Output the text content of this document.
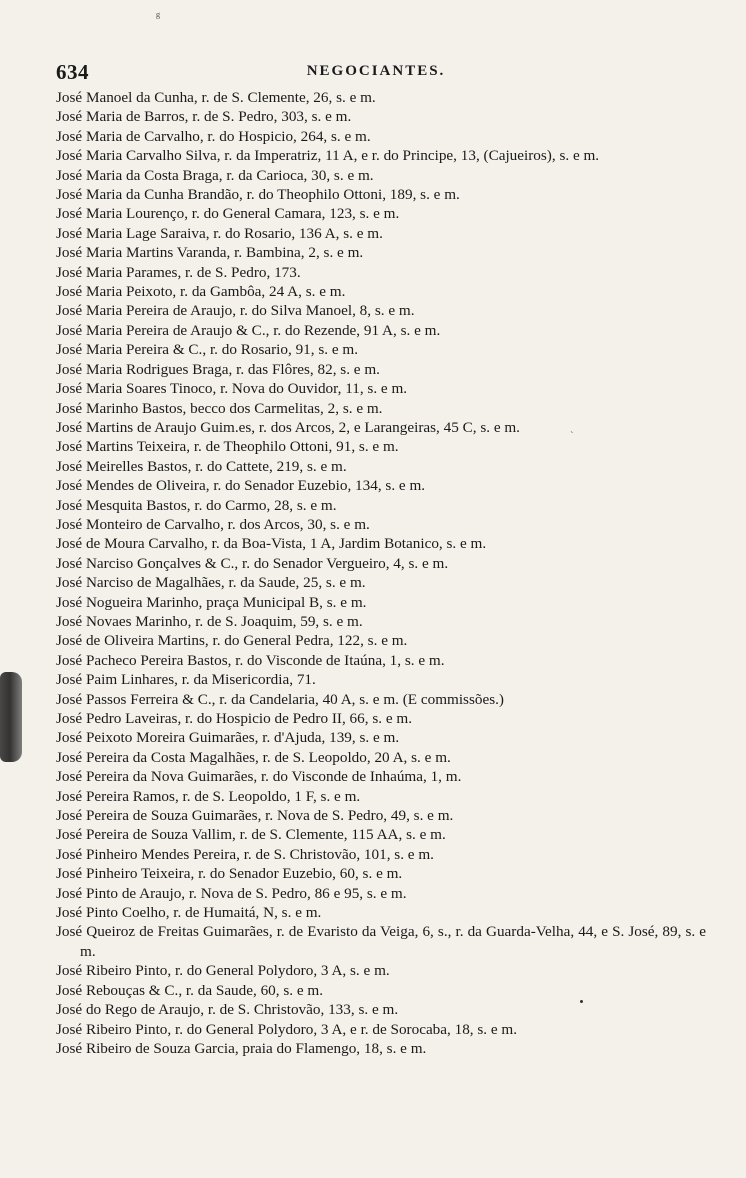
ᵍ
ˋ
634	NEGOCIANTES.
José Manoel da Cunha, r. de S. Clemente, 26, s. e m.
José Maria de Barros, r. de S. Pedro, 303, s. e m.
José Maria de Carvalho, r. do Hospicio, 264, s. e m.
José Maria Carvalho Silva, r. da Imperatriz, 11 A, e r. do Principe, 13, (Cajueiros), s. e m.
José Maria da Costa Braga, r. da Carioca, 30, s. e m.
José Maria da Cunha Brandão, r. do Theophilo Ottoni, 189, s. e m.
José Maria Lourenço, r. do General Camara, 123, s. e m.
José Maria Lage Saraiva, r. do Rosario, 136 A, s. e m.
José Maria Martins Varanda, r. Bambina, 2, s. e m.
José Maria Parames, r. de S. Pedro, 173.
José Maria Peixoto, r. da Gambôa, 24 A, s. e m.
José Maria Pereira de Araujo, r. do Silva Manoel, 8, s. e m.
José Maria Pereira de Araujo & C., r. do Rezende, 91 A, s. e m.
José Maria Pereira & C., r. do Rosario, 91, s. e m.
José Maria Rodrigues Braga, r. das Flôres, 82, s. e m.
José Maria Soares Tinoco, r. Nova do Ouvidor, 11, s. e m.
José Marinho Bastos, becco dos Carmelitas, 2, s. e m.
José Martins de Araujo Guim.es, r. dos Arcos, 2, e Larangeiras, 45 C, s. e m.
José Martins Teixeira, r. de Theophilo Ottoni, 91, s. e m.
José Meirelles Bastos, r. do Cattete, 219, s. e m.
José Mendes de Oliveira, r. do Senador Euzebio, 134, s. e m.
José Mesquita Bastos, r. do Carmo, 28, s. e m.
José Monteiro de Carvalho, r. dos Arcos, 30, s. e m.
José de Moura Carvalho, r. da Boa-Vista, 1 A, Jardim Botanico, s. e m.
José Narciso Gonçalves & C., r. do Senador Vergueiro, 4, s. e m.
José Narciso de Magalhães, r. da Saude, 25, s. e m.
José Nogueira Marinho, praça Municipal B, s. e m.
José Novaes Marinho, r. de S. Joaquim, 59, s. e m.
José de Oliveira Martins, r. do General Pedra, 122, s. e m.
José Pacheco Pereira Bastos, r. do Visconde de Itaúna, 1, s. e m.
José Paim Linhares, r. da Misericordia, 71.
José Passos Ferreira & C., r. da Candelaria, 40 A, s. e m. (E commissões.)
José Pedro Laveiras, r. do Hospicio de Pedro II, 66, s. e m.
José Peixoto Moreira Guimarães, r. d'Ajuda, 139, s. e m.
José Pereira da Costa Magalhães, r. de S. Leopoldo, 20 A, s. e m.
José Pereira da Nova Guimarães, r. do Visconde de Inhaúma, 1, m.
José Pereira Ramos, r. de S. Leopoldo, 1 F, s. e m.
José Pereira de Souza Guimarães, r. Nova de S. Pedro, 49, s. e m.
José Pereira de Souza Vallim, r. de S. Clemente, 115 AA, s. e m.
José Pinheiro Mendes Pereira, r. de S. Christovão, 101, s. e m.
José Pinheiro Teixeira, r. do Senador Euzebio, 60, s. e m.
José Pinto de Araujo, r. Nova de S. Pedro, 86 e 95, s. e m.
José Pinto Coelho, r. de Humaitá, N, s. e m.
José Queiroz de Freitas Guimarães, r. de Evaristo da Veiga, 6, s., r. da Guarda-Velha, 44, e S. José, 89, s. e m.
José Ribeiro Pinto, r. do General Polydoro, 3 A, s. e m.
José Rebouças & C., r. da Saude, 60, s. e m.
José do Rego de Araujo, r. de S. Christovão, 133, s. e m.
José Ribeiro Pinto, r. do General Polydoro, 3 A, e r. de Sorocaba, 18, s. e m.
José Ribeiro de Souza Garcia, praia do Flamengo, 18, s. e m.
